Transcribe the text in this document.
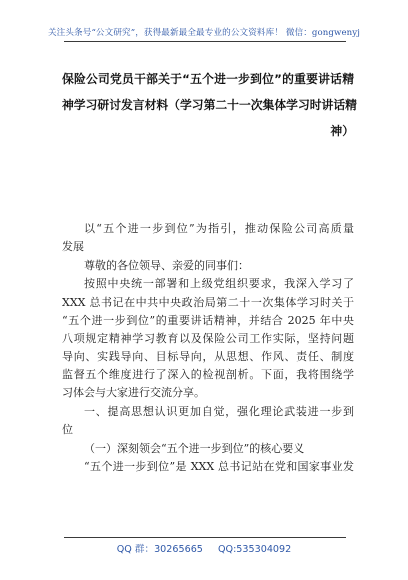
关注头条号“公文研究”，获得最新最全最专业的公文资料库！ 微信：gongwenyj
保险公司党员干部关于“五个进一步到位”的重要讲话精
神学习研讨发言材料（学习第二十一次集体学习时讲话精
神）
以“五个进一步到位”为指引，推动保险公司高质量
发展
尊敬的各位领导、亲爱的同事们：
按照中央统一部署和上级党组织要求，我深入学习了
XXX 总书记在中共中央政治局第二十一次集体学习时关于
“五个进一步到位”的重要讲话精神，并结合 2025 年中央
八项规定精神学习教育以及保险公司工作实际，坚持问题
导向、实践导向、目标导向，从思想、作风、责任、制度
监督五个维度进行了深入的检视剖析。下面，我将围绕学
习体会与大家进行交流分享。
一、提高思想认识更加自觉，强化理论武装进一步到
位
（一）深刻领会“五个进一步到位”的核心要义
“五个进一步到位”是 XXX 总书记站在党和国家事业发
QQ 群：30265665 QQ:535304092
